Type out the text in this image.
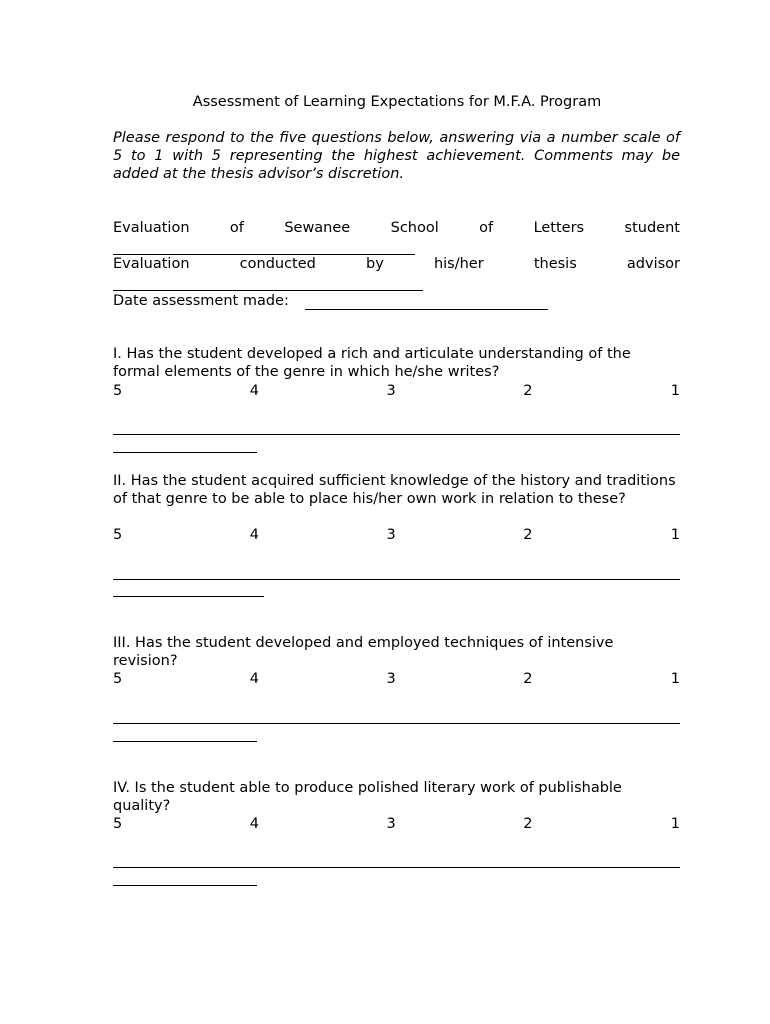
Assessment of Learning Expectations for M.F.A. Program
Please respond to the five questions below, answering via a number scale of 5 to 1 with 5 representing the highest achievement. Comments may be added at the thesis advisor’s discretion.
Evaluation	of	Sewanee	School	of	Letters	student
Evaluation	conducted	by	his/her	thesis	advisor
Date assessment made:
I. Has the student developed a rich and articulate understanding of the formal elements of the genre in which he/she writes?
5	4	3	2	1
II. Has the student acquired sufficient knowledge of the history and traditions of that genre to be able to place his/her own work in relation to these?
5	4	3	2	1
III. Has the student developed and employed techniques of intensive revision?
5	4	3	2	1
IV. Is the student able to produce polished literary work of publishable quality?
5	4	3	2	1
